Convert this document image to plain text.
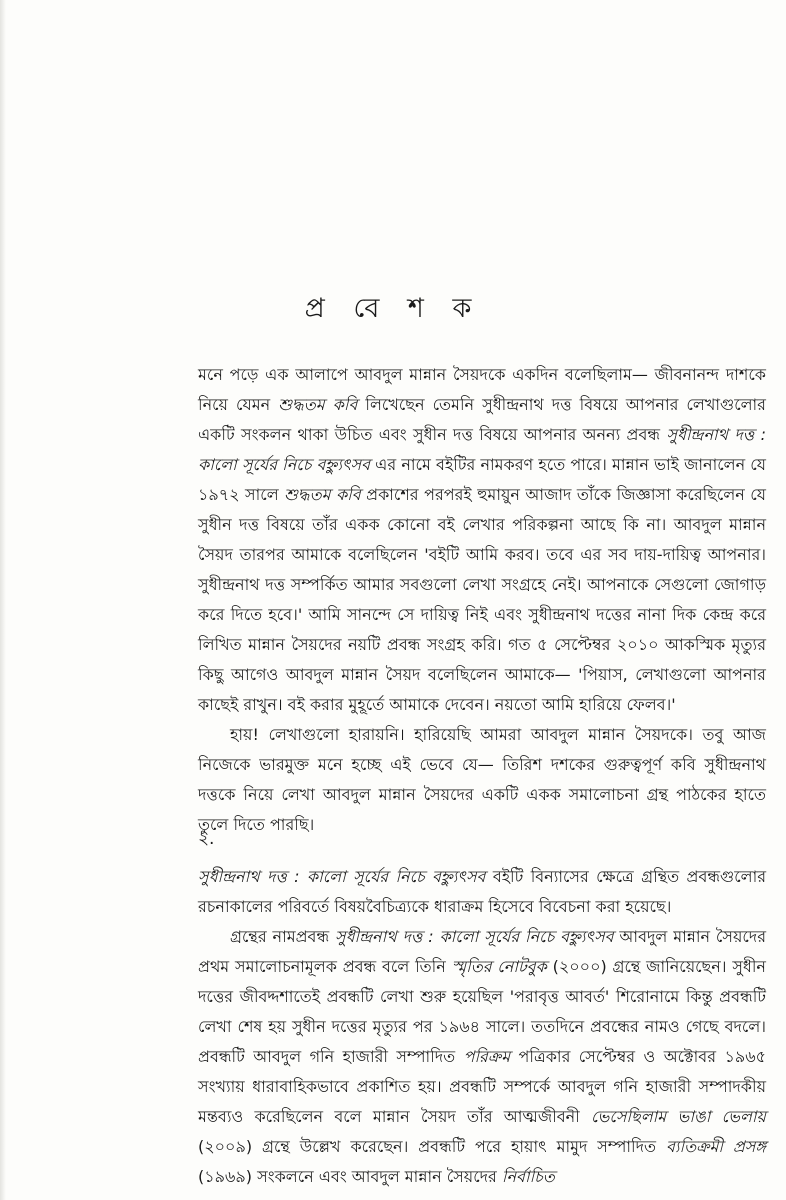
প্র বে শ ক

মনে পড়ে এক আলাপে আবদুল মান্নান সৈয়দকে একদিন বলেছিলাম— জীবনানন্দ দাশকে নিয়ে যেমন শুদ্ধতম কবি লিখেছেন তেমনি সুধীন্দ্রনাথ দত্ত বিষয়ে আপনার লেখাগুলোর একটি সংকলন থাকা উচিত এবং সুধীন দত্ত বিষয়ে আপনার অনন্য প্রবন্ধ সুধীন্দ্রনাথ দত্ত : কালো সূর্যের নিচে বহ্ন্যুৎসব এর নামে বইটির নামকরণ হতে পারে। মান্নান ভাই জানালেন যে ১৯৭২ সালে শুদ্ধতম কবি প্রকাশের পরপরই হুমায়ুন আজাদ তাঁকে জিজ্ঞাসা করেছিলেন যে সুধীন দত্ত বিষয়ে তাঁর একক কোনো বই লেখার পরিকল্পনা আছে কি না। আবদুল মান্নান সৈয়দ তারপর আমাকে বলেছিলেন 'বইটি আমি করব। তবে এর সব দায়-দায়িত্ব আপনার। সুধীন্দ্রনাথ দত্ত সম্পর্কিত আমার সবগুলো লেখা সংগ্রহে নেই। আপনাকে সেগুলো জোগাড় করে দিতে হবে।' আমি সানন্দে সে দায়িত্ব নিই এবং সুধীন্দ্রনাথ দত্তের নানা দিক কেন্দ্র করে লিখিত মান্নান সৈয়দের নয়টি প্রবন্ধ সংগ্রহ করি। গত ৫ সেপ্টেম্বর ২০১০ আকস্মিক মৃত্যুর কিছু আগেও আবদুল মান্নান সৈয়দ বলেছিলেন আমাকে— 'পিয়াস, লেখাগুলো আপনার কাছেই রাখুন। বই করার মুহূর্তে আমাকে দেবেন। নয়তো আমি হারিয়ে ফেলব।'

হায়! লেখাগুলো হারায়নি। হারিয়েছি আমরা আবদুল মান্নান সৈয়দকে। তবু আজ নিজেকে ভারমুক্ত মনে হচ্ছে এই ভেবে যে— তিরিশ দশকের গুরুত্বপূর্ণ কবি সুধীন্দ্রনাথ দত্তকে নিয়ে লেখা আবদুল মান্নান সৈয়দের একটি একক সমালোচনা গ্রন্থ পাঠকের হাতে তুলে দিতে পারছি।

২.

সুধীন্দ্রনাথ দত্ত : কালো সূর্যের নিচে বহ্ন্যুৎসব বইটি বিন্যাসের ক্ষেত্রে গ্রন্থিত প্রবন্ধগুলোর রচনাকালের পরিবর্তে বিষয়বৈচিত্র্যকে ধারাক্রম হিসেবে বিবেচনা করা হয়েছে।

গ্রন্থের নামপ্রবন্ধ সুধীন্দ্রনাথ দত্ত : কালো সূর্যের নিচে বহ্ন্যুৎসব আবদুল মান্নান সৈয়দের প্রথম সমালোচনামূলক প্রবন্ধ বলে তিনি স্মৃতির নোটবুক (২০০০) গ্রন্থে জানিয়েছেন। সুধীন দত্তের জীবদ্দশাতেই প্রবন্ধটি লেখা শুরু হয়েছিল 'পরাবৃত্ত আবর্ত' শিরোনামে কিন্তু প্রবন্ধটি লেখা শেষ হয় সুধীন দত্তের মৃত্যুর পর ১৯৬৪ সালে। ততদিনে প্রবন্ধের নামও গেছে বদলে। প্রবন্ধটি আবদুল গনি হাজারী সম্পাদিত পরিক্রম পত্রিকার সেপ্টেম্বর ও অক্টোবর ১৯৬৫ সংখ্যায় ধারাবাহিকভাবে প্রকাশিত হয়। প্রবন্ধটি সম্পর্কে আবদুল গনি হাজারী সম্পাদকীয় মন্তব্যও করেছিলেন বলে মান্নান সৈয়দ তাঁর আত্মজীবনী ভেসেছিলাম ভাঙা ভেলায় (২০০৯) গ্রন্থে উল্লেখ করেছেন। প্রবন্ধটি পরে হায়াৎ মামুদ সম্পাদিত ব্যতিক্রমী প্রসঙ্গ (১৯৬৯) সংকলনে এবং আবদুল মান্নান সৈয়দের নির্বাচিত
